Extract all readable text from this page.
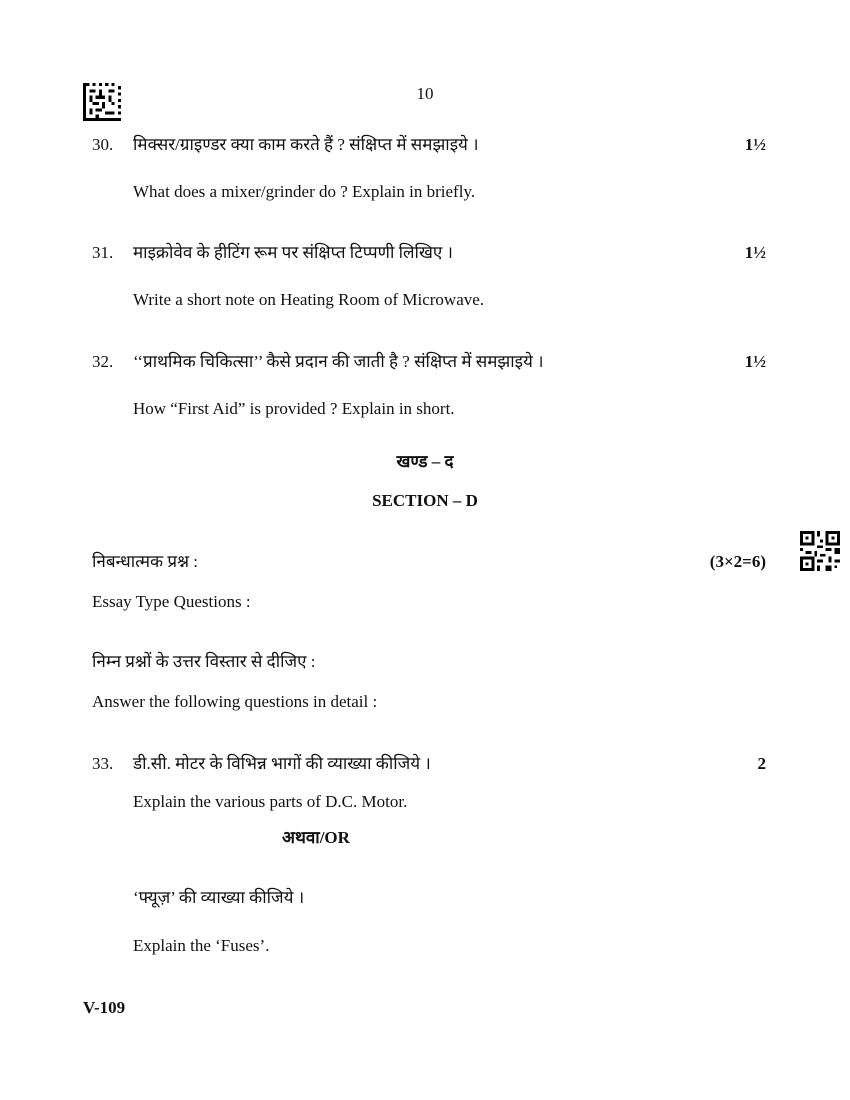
10
30. मिक्सर/ग्राइण्डर क्या काम करते हैं ? संक्षिप्त में समझाइये ।	1½
What does a mixer/grinder do ? Explain in briefly.
31. माइक्रोवेव के हीटिंग रूम पर संक्षिप्त टिप्पणी लिखिए ।	1½
Write a short note on Heating Room of Microwave.
32. ‘‘प्राथमिक चिकित्सा’’ कैसे प्रदान की जाती है ? संक्षिप्त में समझाइये ।	1½
How “First Aid” is provided ? Explain in short.
खण्ड – द
SECTION – D
निबन्धात्मक प्रश्न :	(3×2=6)
Essay Type Questions :
निम्न प्रश्नों के उत्तर विस्तार से दीजिए :
Answer the following questions in detail :
33. डी.सी. मोटर के विभिन्न भागों की व्याख्या कीजिये ।	2
Explain the various parts of D.C. Motor.
अथवा/OR
‘फ्यूज़’ की व्याख्या कीजिये ।
Explain the ‘Fuses’.
V-109
